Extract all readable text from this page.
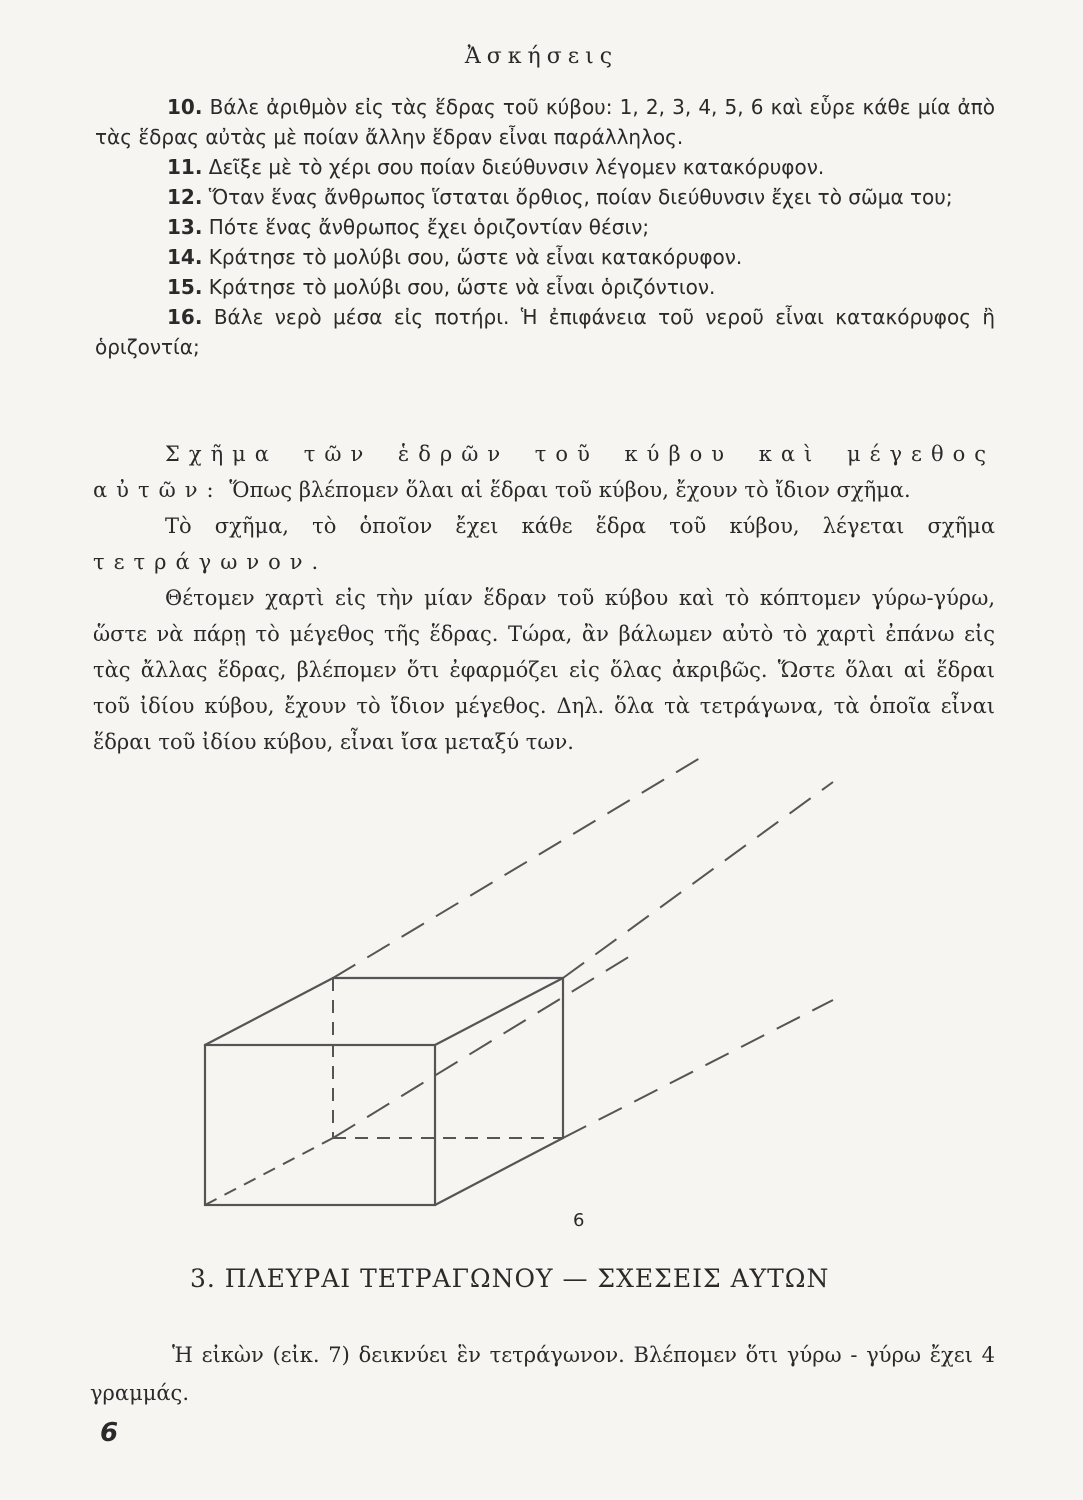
Ἀσκήσεις

10. Βάλε ἀριθμὸν εἰς τὰς ἕδρας τοῦ κύβου: 1, 2, 3, 4, 5, 6 καὶ εὗρε κάθε μία ἀπὸ τὰς ἕδρας αὐτὰς μὲ ποίαν ἄλλην ἕδραν εἶναι παράλληλος.

11. Δεῖξε μὲ τὸ χέρι σου ποίαν διεύθυνσιν λέγομεν κατακόρυφον.

12. Ὅταν ἕνας ἄνθρωπος ἵσταται ὄρθιος, ποίαν διεύθυνσιν ἔχει τὸ σῶμα του;

13. Πότε ἕνας ἄνθρωπος ἔχει ὁριζοντίαν θέσιν;

14. Κράτησε τὸ μολύβι σου, ὥστε νὰ εἶναι κατακόρυφον.

15. Κράτησε τὸ μολύβι σου, ὥστε νὰ εἶναι ὁριζόντιον.

16. Βάλε νερὸ μέσα εἰς ποτήρι. Ἡ ἐπιφάνεια τοῦ νεροῦ εἶναι κατακόρυφος ἢ ὁριζοντία;

Σχῆμα τῶν ἑδρῶν τοῦ κύβου καὶ μέγεθος αὐτῶν: Ὅπως βλέπομεν ὅλαι αἱ ἕδραι τοῦ κύβου, ἔχουν τὸ ἴδιον σχῆμα.

Τὸ σχῆμα, τὸ ὁποῖον ἔχει κάθε ἕδρα τοῦ κύβου, λέγεται σχῆμα τετράγωνον.

Θέτομεν χαρτὶ εἰς τὴν μίαν ἕδραν τοῦ κύβου καὶ τὸ κόπτομεν γύρω-γύρω, ὥστε νὰ πάρῃ τὸ μέγεθος τῆς ἕδρας. Τώρα, ἂν βάλωμεν αὐτὸ τὸ χαρτὶ ἐπάνω εἰς τὰς ἄλλας ἕδρας, βλέπομεν ὅτι ἐφαρμόζει εἰς ὅλας ἀκριβῶς. Ὥστε ὅλαι αἱ ἕδραι τοῦ ἰδίου κύβου, ἔχουν τὸ ἴδιον μέγεθος. Δηλ. ὅλα τὰ τετράγωνα, τὰ ὁποῖα εἶναι ἕδραι τοῦ ἰδίου κύβου, εἶναι ἴσα μεταξύ των.

6
3. ΠΛΕΥΡΑΙ ΤΕΤΡΑΓΩΝΟΥ — ΣΧΕΣΕΙΣ ΑΥΤΩΝ

Ἡ εἰκὼν (εἰκ. 7) δεικνύει ἓν τετράγωνον. Βλέπομεν ὅτι γύρω - γύρω ἔχει 4 γραμμάς.

6
